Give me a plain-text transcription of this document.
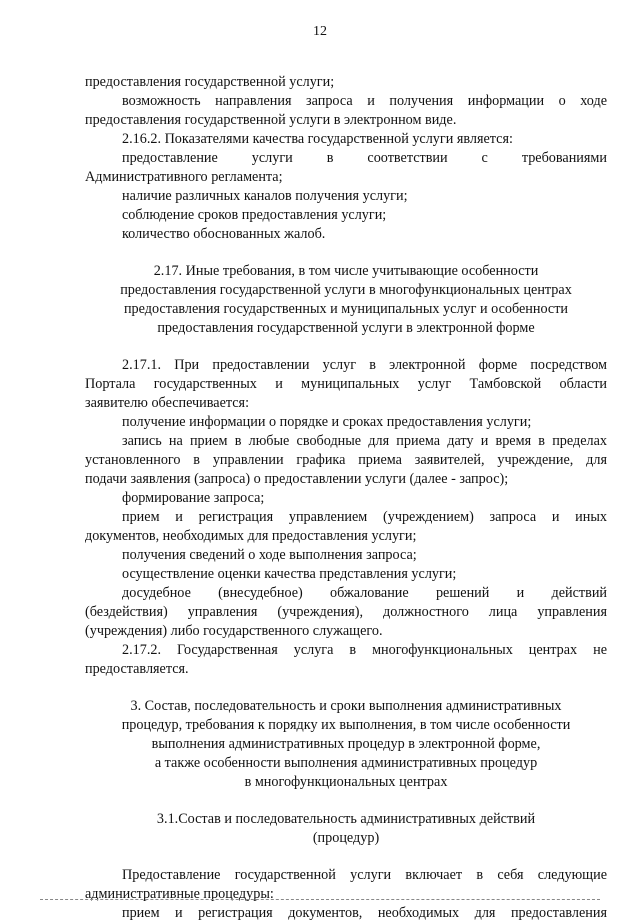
12

предоставления государственной услуги;

возможность направления запроса и получения информации о ходе

предоставления государственной услуги в электронном виде.

2.16.2. Показателями качества государственной услуги является:

предоставление услуги в соответствии с требованиями

Административного регламента;

наличие различных каналов получения услуги;

соблюдение сроков предоставления услуги;

количество обоснованных жалоб.

2.17. Иные требования, в том числе учитывающие особенности

предоставления государственной услуги в многофункциональных центрах

предоставления государственных и муниципальных услуг и особенности

предоставления государственной услуги в электронной форме

2.17.1. При предоставлении услуг в электронной форме посредством

Портала государственных и муниципальных услуг Тамбовской области

заявителю обеспечивается:

получение информации о порядке и сроках предоставления услуги;

запись на прием в любые свободные для приема дату и время в пределах

установленного в управлении графика приема заявителей, учреждение, для

подачи заявления (запроса) о предоставлении услуги (далее - запрос);

формирование запроса;

прием и регистрация управлением (учреждением) запроса и иных

документов, необходимых для предоставления услуги;

получения сведений о ходе выполнения запроса;

осуществление оценки качества представления услуги;

досудебное (внесудебное) обжалование решений и действий

(бездействия) управления (учреждения), должностного лица управления

(учреждения) либо государственного служащего.

2.17.2. Государственная услуга в многофункциональных центрах не

предоставляется.

3. Состав, последовательность и сроки выполнения административных

процедур, требования к порядку их выполнения, в том числе особенности

выполнения административных процедур в электронной форме,

а также особенности выполнения административных процедур

в многофункциональных центрах

3.1.Состав и последовательность административных действий

(процедур)

Предоставление государственной услуги включает в себя следующие

административные процедуры:

прием и регистрация документов, необходимых для предоставления
